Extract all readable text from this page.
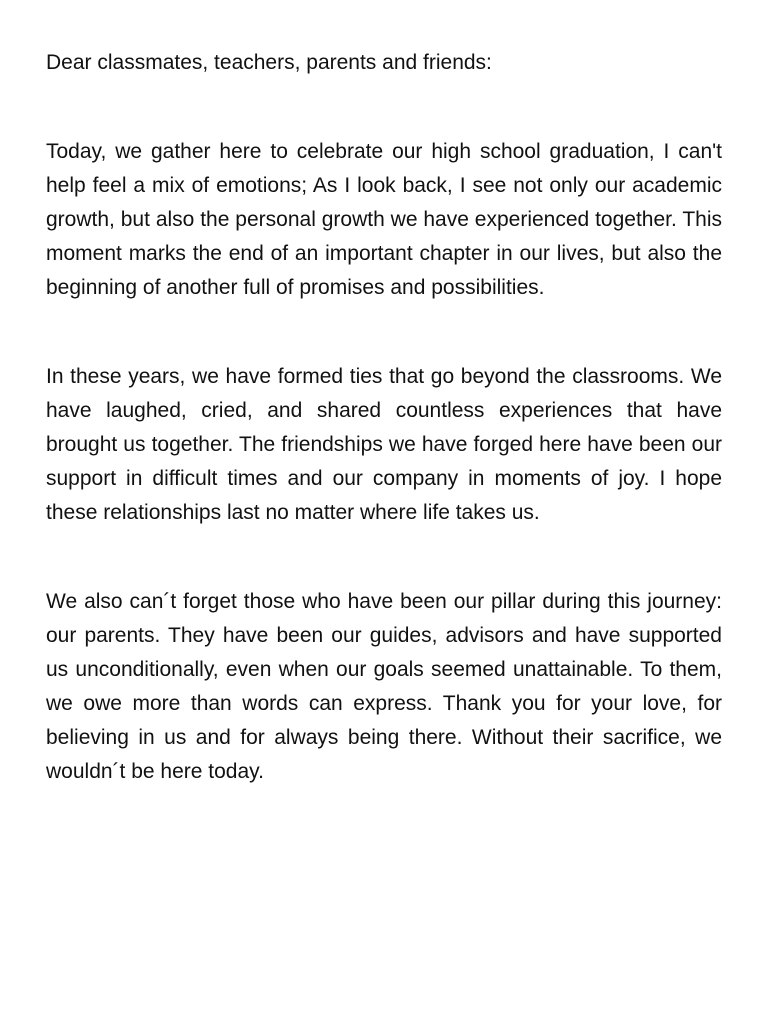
Dear classmates, teachers, parents and friends:

Today, we gather here to celebrate our high school graduation, I can't help feel a mix of emotions; As I look back, I see not only our academic growth, but also the personal growth we have experienced together. This moment marks the end of an important chapter in our lives, but also the beginning of another full of promises and possibilities.

In these years, we have formed ties that go beyond the classrooms. We have laughed, cried, and shared countless experiences that have brought us together. The friendships we have forged here have been our support in difficult times and our company in moments of joy. I hope these relationships last no matter where life takes us.

We also can´t forget those who have been our pillar during this journey: our parents. They have been our guides, advisors and have supported us unconditionally, even when our goals seemed unattainable. To them, we owe more than words can express. Thank you for your love, for believing in us and for always being there. Without their sacrifice, we wouldn´t be here today.
